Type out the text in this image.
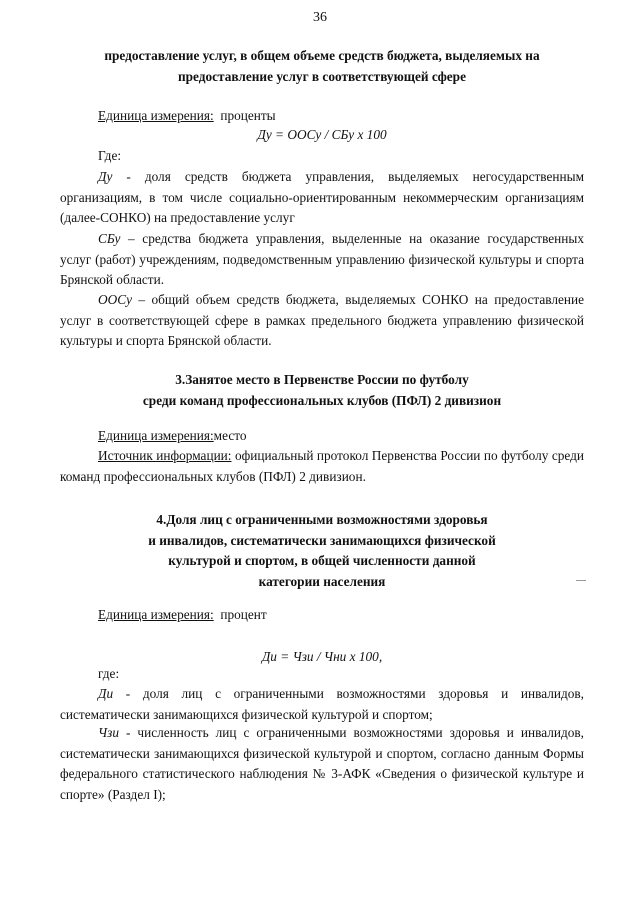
36
предоставление услуг, в общем объеме средств бюджета, выделяемых на
предоставление услуг в соответствующей сфере
Единица измерения: проценты
Ду = ООСу / СБу х 100
Где:
Ду - доля средств бюджета управления, выделяемых негосударственным организациям, в том числе социально-ориентированным некоммерческим организациям (далее-СОНКО) на предоставление услуг
СБу – средства бюджета управления, выделенные на оказание государственных услуг (работ) учреждениям, подведомственным управлению физической культуры и спорта Брянской области.
ООСу – общий объем средств бюджета, выделяемых СОНКО на предоставление услуг в соответствующей сфере в рамках предельного бюджета управлению физической культуры и спорта Брянской области.
3.Занятое место в Первенстве России по футболу
среди команд профессиональных клубов (ПФЛ) 2 дивизион
Единица измерения:место
Источник информации: официальный протокол Первенства России по футболу среди команд профессиональных клубов (ПФЛ) 2 дивизион.
4.Доля лиц с ограниченными возможностями здоровья
и инвалидов, систематически занимающихся физической
культурой и спортом, в общей численности данной
категории населения
Единица измерения: процент
Ди = Чзи / Чни х 100,
где:
Ди - доля лиц с ограниченными возможностями здоровья и инвалидов, систематически занимающихся физической культурой и спортом;
Чзи - численность лиц с ограниченными возможностями здоровья и инвалидов, систематически занимающихся физической культурой и спортом, согласно данным Формы федерального статистического наблюдения № 3-АФК «Сведения о физической культуре и спорте» (Раздел I);
